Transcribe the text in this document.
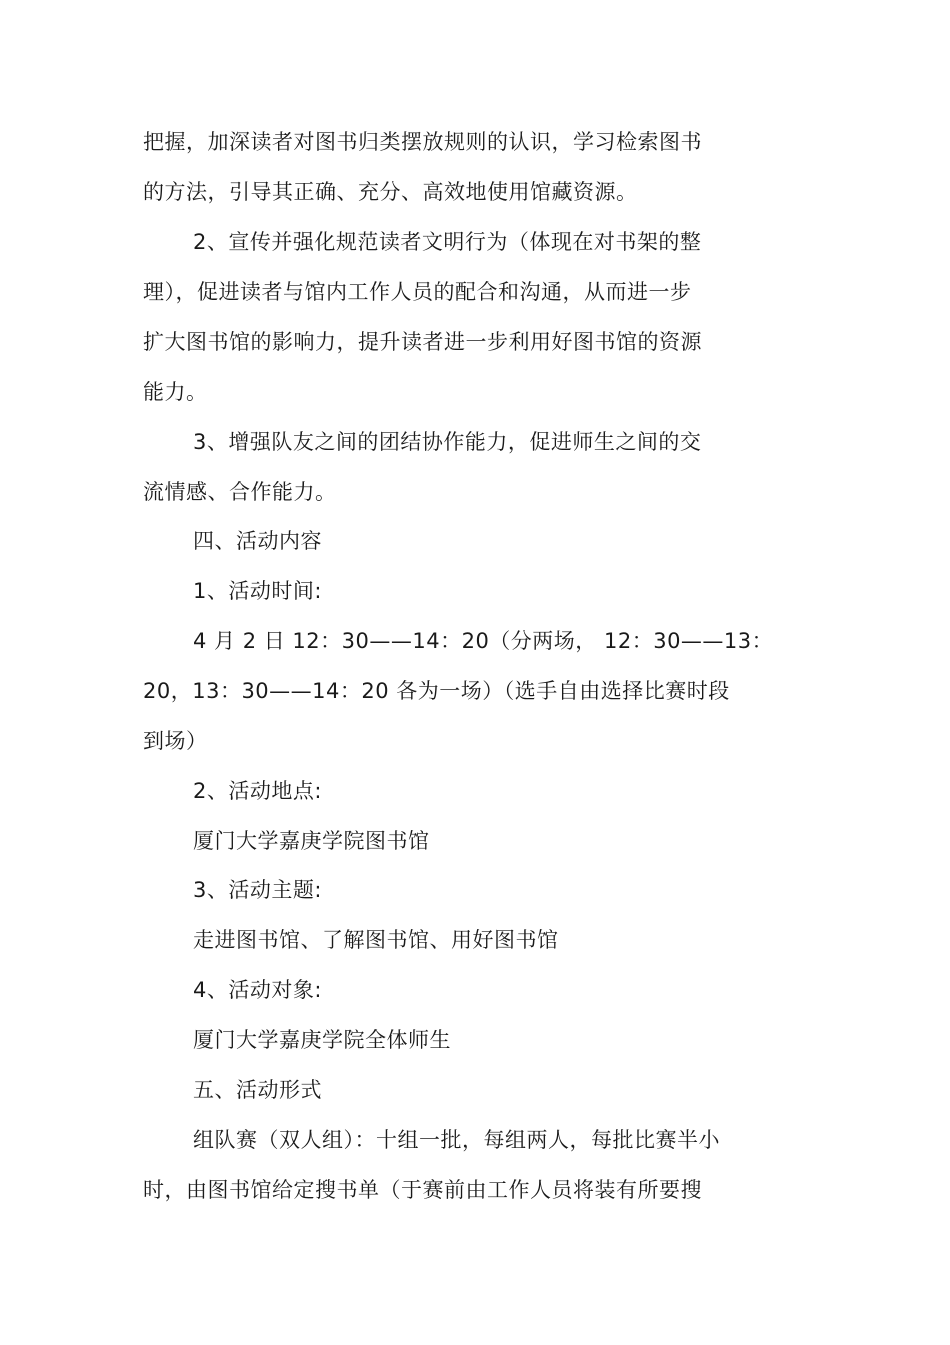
把握，加深读者对图书归类摆放规则的认识，学习检索图书
的方法，引导其正确、充分、高效地使用馆藏资源。
2、宣传并强化规范读者文明行为（体现在对书架的整
理），促进读者与馆内工作人员的配合和沟通，从而进一步
扩大图书馆的影响力，提升读者进一步利用好图书馆的资源
能力。
3、增强队友之间的团结协作能力，促进师生之间的交
流情感、合作能力。
四、活动内容
1、活动时间:
4 月 2 日 12：30——14：20（分两场， 12：30——13：
20，13：30——14：20 各为一场）（选手自由选择比赛时段
到场）
2、活动地点:
厦门大学嘉庚学院图书馆
3、活动主题:
走进图书馆、了解图书馆、用好图书馆
4、活动对象:
厦门大学嘉庚学院全体师生
五、活动形式
组队赛（双人组）：十组一批，每组两人，每批比赛半小
时，由图书馆给定搜书单（于赛前由工作人员将装有所要搜
